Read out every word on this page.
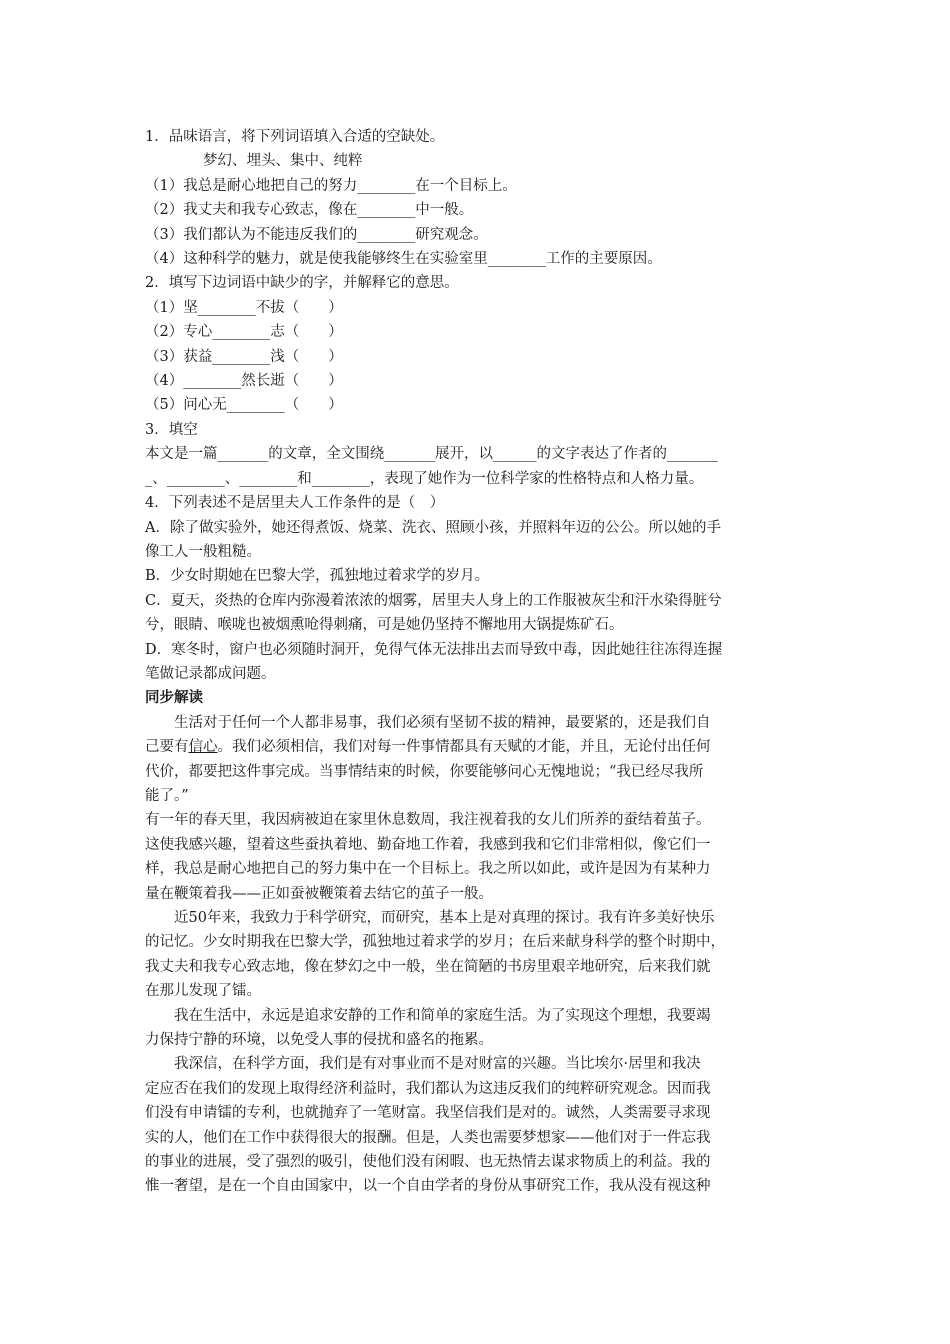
1．品味语言，将下列词语填入合适的空缺处。
梦幻、埋头、集中、纯粹
（1）我总是耐心地把自己的努力________在一个目标上。
（2）我丈夫和我专心致志，像在________中一般。
（3）我们都认为不能违反我们的________研究观念。
（4）这种科学的魅力，就是使我能够终生在实验室里________工作的主要原因。
2．填写下边词语中缺少的字，并解释它的意思。
（1）坚________不拔（　　）
（2）专心________志（　　）
（3）获益________浅（　　）
（4）________然长逝（　　）
（5）问心无________（　　）
3．填空
本文是一篇_______的文章，全文围绕_______展开，以______的文字表达了作者的_______
_、________、________和________，表现了她作为一位科学家的性格特点和人格力量。
4．下列表述不是居里夫人工作条件的是（　）
A．除了做实验外，她还得煮饭、烧菜、洗衣、照顾小孩，并照料年迈的公公。所以她的手
像工人一般粗糙。
B．少女时期她在巴黎大学，孤独地过着求学的岁月。
C．夏天，炎热的仓库内弥漫着浓浓的烟雾，居里夫人身上的工作服被灰尘和汗水染得脏兮
兮，眼睛、喉咙也被烟熏呛得刺痛，可是她仍坚持不懈地用大锅提炼矿石。
D．寒冬时，窗户也必须随时洞开，免得气体无法排出去而导致中毒，因此她往往冻得连握
笔做记录都成问题。
同步解读
生活对于任何一个人都非易事，我们必须有坚韧不拔的精神，最要紧的，还是我们自
己要有信心。我们必须相信，我们对每一件事情都具有天赋的才能，并且，无论付出任何
代价，都要把这件事完成。当事情结束的时候，你要能够问心无愧地说；“我已经尽我所
能了。”
有一年的春天里，我因病被迫在家里休息数周，我注视着我的女儿们所养的蚕结着茧子。
这使我感兴趣，望着这些蚕执着地、勤奋地工作着，我感到我和它们非常相似，像它们一
样，我总是耐心地把自己的努力集中在一个目标上。我之所以如此，或许是因为有某种力
量在鞭策着我——正如蚕被鞭策着去结它的茧子一般。
近50年来，我致力于科学研究，而研究，基本上是对真理的探讨。我有许多美好快乐
的记忆。少女时期我在巴黎大学，孤独地过着求学的岁月；在后来献身科学的整个时期中，
我丈夫和我专心致志地，像在梦幻之中一般，坐在简陋的书房里艰辛地研究，后来我们就
在那儿发现了镭。
我在生活中，永远是追求安静的工作和简单的家庭生活。为了实现这个理想，我要竭
力保持宁静的环境，以免受人事的侵扰和盛名的拖累。
我深信，在科学方面，我们是有对事业而不是对财富的兴趣。当比埃尔·居里和我决
定应否在我们的发现上取得经济利益时，我们都认为这违反我们的纯粹研究观念。因而我
们没有申请镭的专利，也就抛弃了一笔财富。我坚信我们是对的。诚然，人类需要寻求现
实的人，他们在工作中获得很大的报酬。但是，人类也需要梦想家——他们对于一件忘我
的事业的进展，受了强烈的吸引，使他们没有闲暇、也无热情去谋求物质上的利益。我的
惟一奢望，是在一个自由国家中，以一个自由学者的身份从事研究工作，我从没有视这种
